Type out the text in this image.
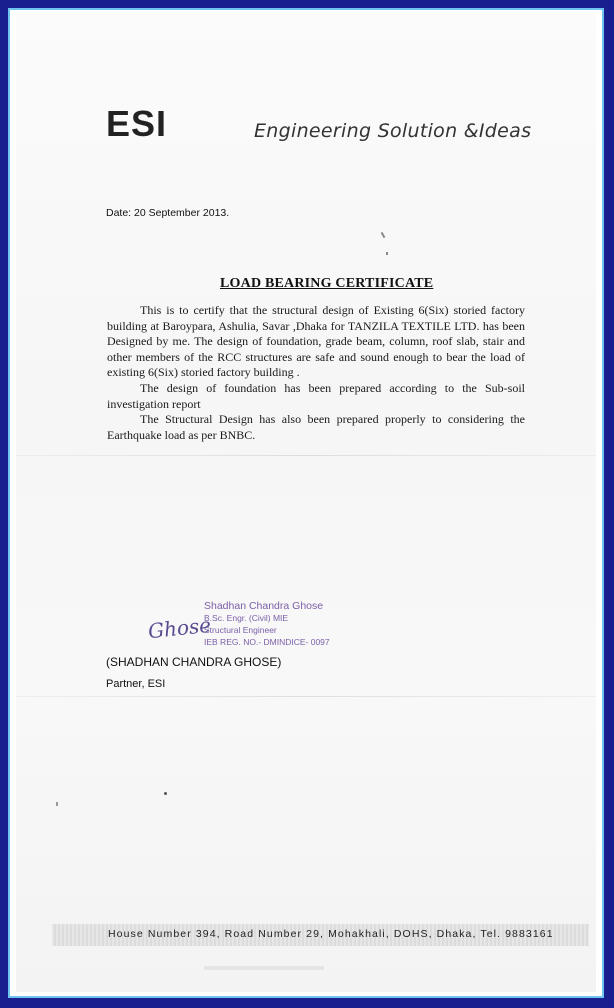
ESI	Engineering Solution &Ideas
Date: 20 September 2013.
LOAD BEARING CERTIFICATE

This is to certify that the structural design of Existing 6(Six) storied factory building at Baroypara, Ashulia, Savar ,Dhaka for TANZILA TEXTILE LTD. has been Designed by me. The design of foundation, grade beam, column, roof slab, stair and other members of the RCC structures are safe and sound enough to bear the load of existing 6(Six) storied factory building .

The design of foundation has been prepared according to the Sub-soil investigation report

The Structural Design has also been prepared properly to considering the Earthquake load as per BNBC.

Shadhan Chandra Ghose
B.Sc. Engr. (Civil) MIE
Structural Engineer
IEB REG. NO.- DMINDICE- 0097
Ghose
(SHADHAN CHANDRA GHOSE)
Partner, ESI
House Number 394, Road Number 29, Mohakhali, DOHS, Dhaka, Tel. 9883161
